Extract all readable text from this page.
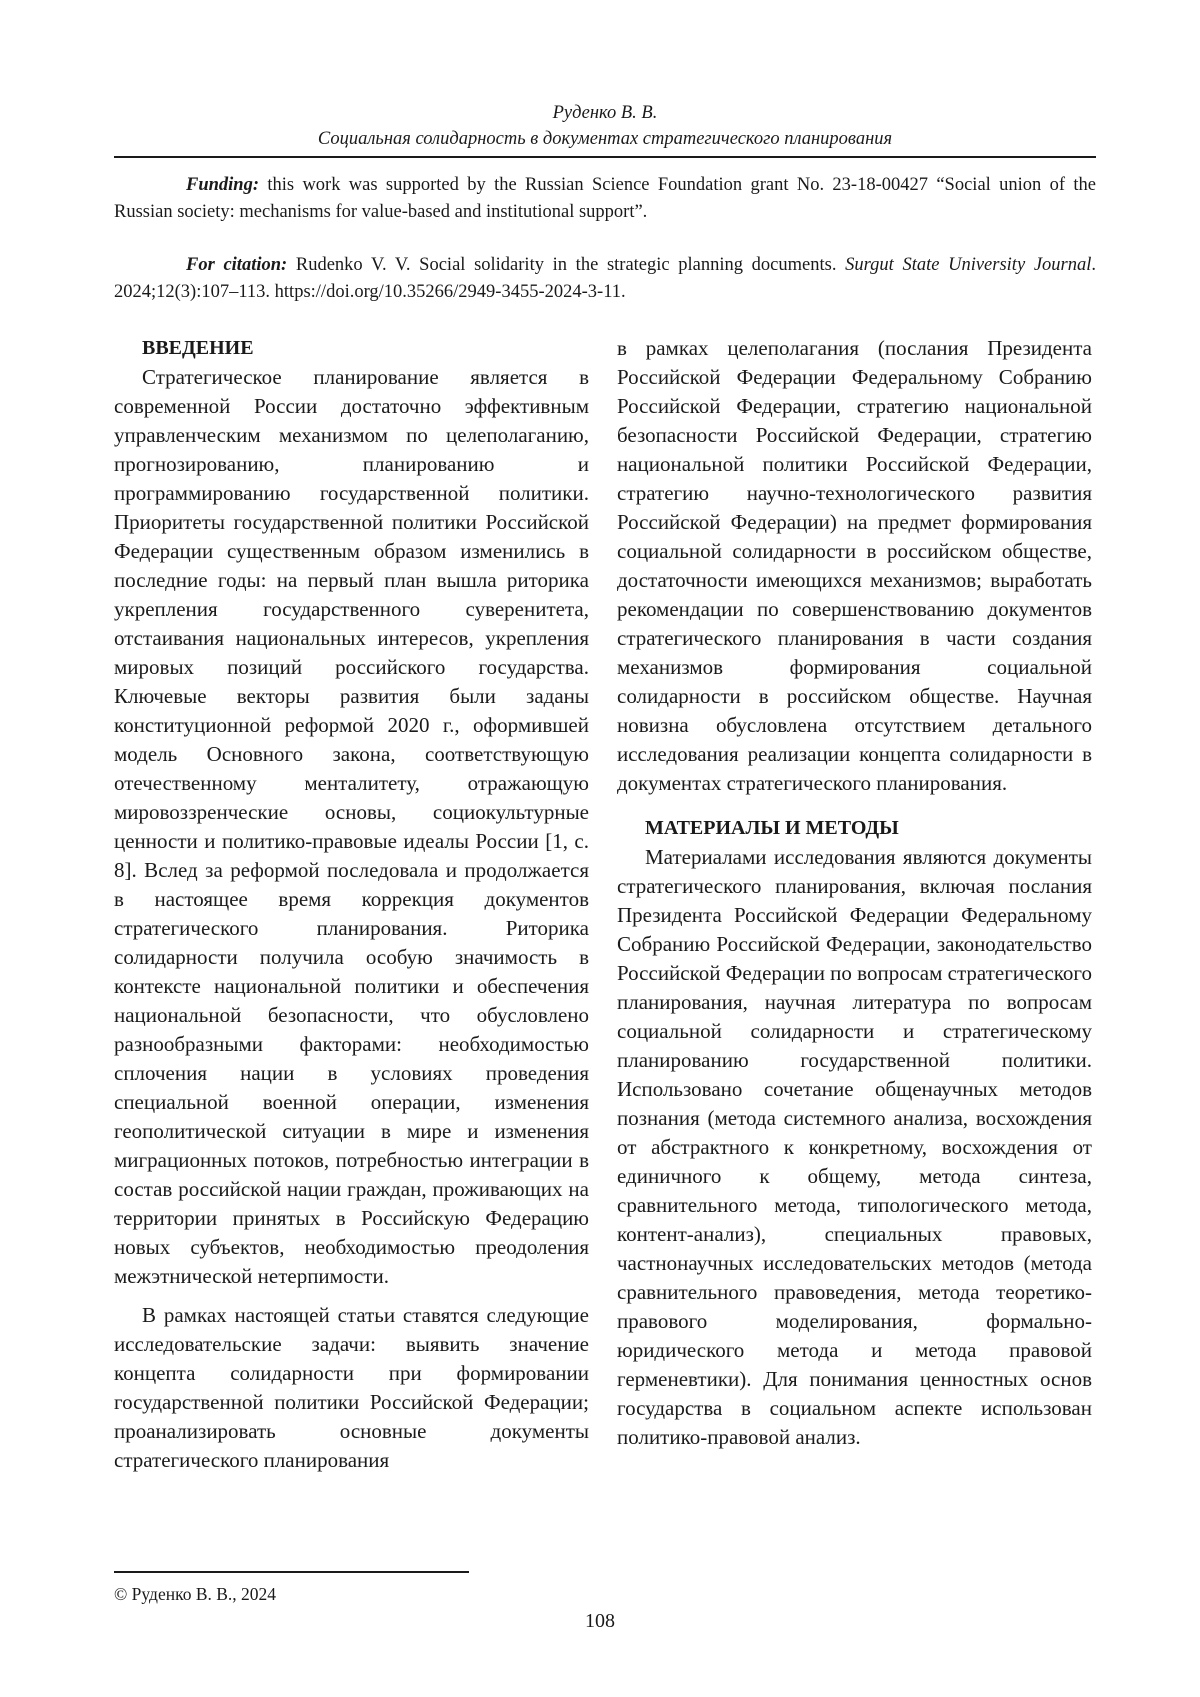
Руденко В. В.
Социальная солидарность в документах стратегического планирования
Funding: this work was supported by the Russian Science Foundation grant No. 23-18-00427 “Social union of the Russian society: mechanisms for value-based and institutional support”.
For citation: Rudenko V. V. Social solidarity in the strategic planning documents. Surgut State University Journal. 2024;12(3):107–113. https://doi.org/10.35266/2949-3455-2024-3-11.
ВВЕДЕНИЕ

Стратегическое планирование является в современной России достаточно эффективным управленческим механизмом по целеполаганию, прогнозированию, планированию и программированию государственной политики. Приоритеты государственной политики Российской Федерации существенным образом изменились в последние годы: на первый план вышла риторика укрепления государственного суверенитета, отстаивания национальных интересов, укрепления мировых позиций российского государства. Ключевые векторы развития были заданы конституционной реформой 2020 г., оформившей модель Основного закона, соответствующую отечественному менталитету, отражающую мировоззренческие основы, социокультурные ценности и политико-правовые идеалы России [1, с. 8]. Вслед за реформой последовала и продолжается в настоящее время коррекция документов стратегического планирования. Риторика солидарности получила особую значимость в контексте национальной политики и обеспечения национальной безопасности, что обусловлено разнообразными факторами: необходимостью сплочения нации в условиях проведения специальной военной операции, изменения геополитической ситуации в мире и изменения миграционных потоков, потребностью интеграции в состав российской нации граждан, проживающих на территории принятых в Российскую Федерацию новых субъектов, необходимостью преодоления межэтнической нетерпимости.

В рамках настоящей статьи ставятся следующие исследовательские задачи: выявить значение концепта солидарности при формировании государственной политики Российской Федерации; проанализировать основные документы стратегического планирования

в рамках целеполагания (послания Президента Российской Федерации Федеральному Собранию Российской Федерации, стратегию национальной безопасности Российской Федерации, стратегию национальной политики Российской Федерации, стратегию научно-технологического развития Российской Федерации) на предмет формирования социальной солидарности в российском обществе, достаточности имеющихся механизмов; выработать рекомендации по совершенствованию документов стратегического планирования в части создания механизмов формирования социальной солидарности в российском обществе. Научная новизна обусловлена отсутствием детального исследования реализации концепта солидарности в документах стратегического планирования.

МАТЕРИАЛЫ И МЕТОДЫ

Материалами исследования являются документы стратегического планирования, включая послания Президента Российской Федерации Федеральному Собранию Российской Федерации, законодательство Российской Федерации по вопросам стратегического планирования, научная литература по вопросам социальной солидарности и стратегическому планированию государственной политики. Использовано сочетание общенаучных методов познания (метода системного анализа, восхождения от абстрактного к конкретному, восхождения от единичного к общему, метода синтеза, сравнительного метода, типологического метода, контент-анализ), специальных правовых, частнонаучных исследовательских методов (метода сравнительного правоведения, метода теоретико-правового моделирования, формально-юридического метода и метода правовой герменевтики). Для понимания ценностных основ государства в социальном аспекте использован политико-правовой анализ.

© Руденко В. В., 2024
108
